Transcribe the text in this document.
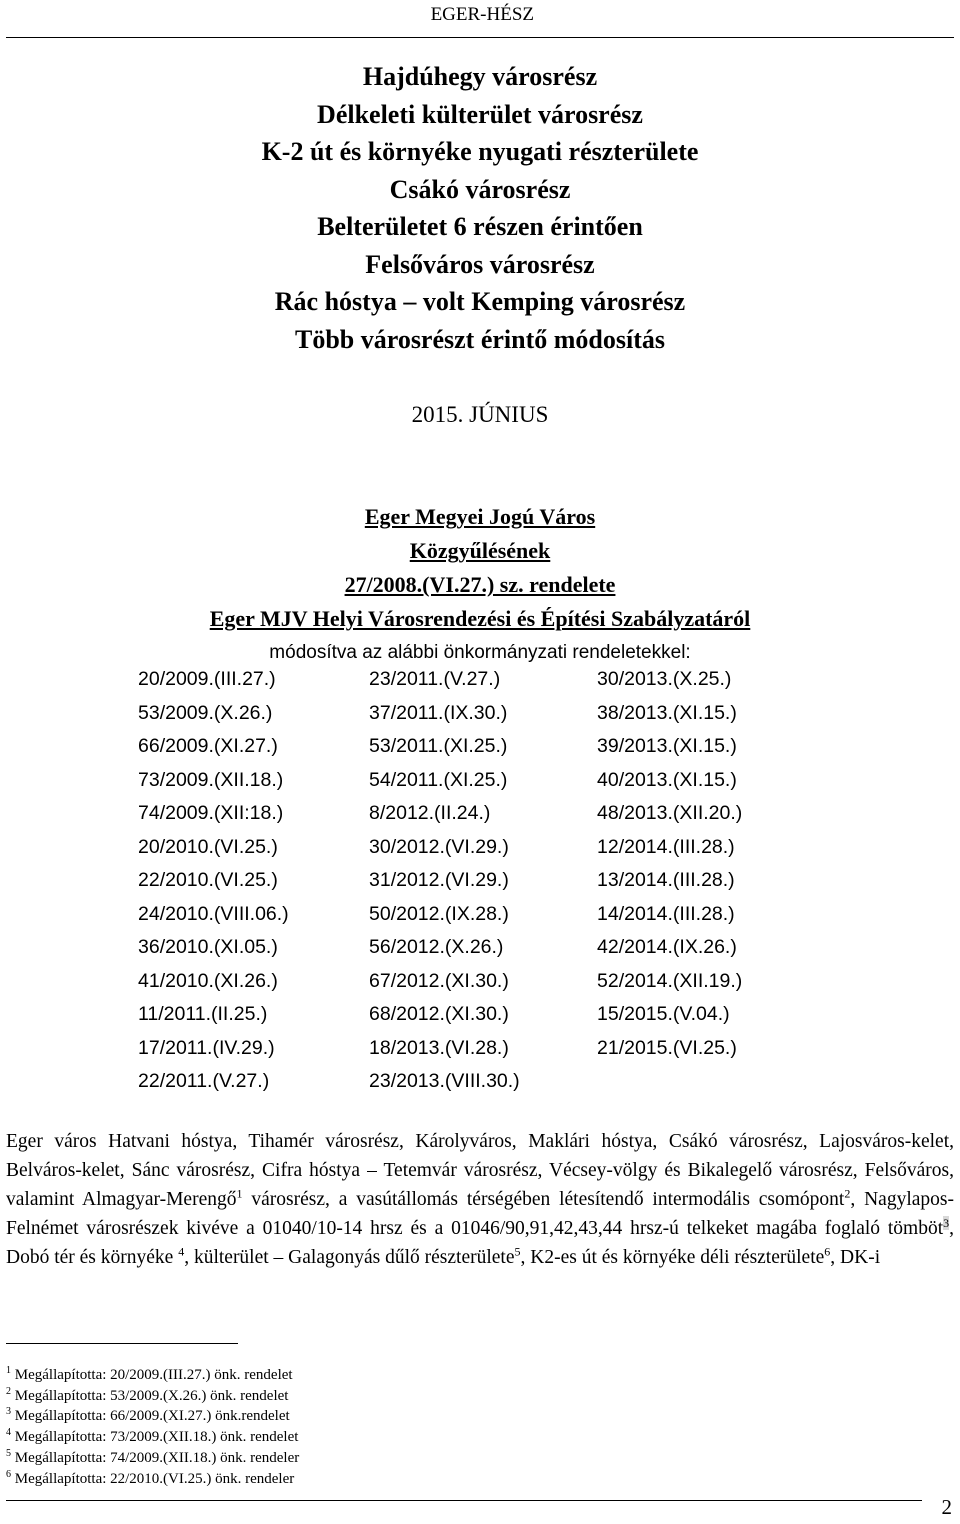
EGER-HÉSZ
Hajdúhegy városrész
Délkeleti külterület városrész
K-2 út és környéke nyugati részterülete
Csákó városrész
Belterületet 6 részen érintően
Felsőváros városrész
Rác hóstya – volt Kemping városrész
Több városrészt érintő módosítás
2015. JÚNIUS
Eger Megyei Jogú Város
Közgyűlésének
27/2008.(VI.27.) sz. rendelete
Eger MJV Helyi Városrendezési és Építési Szabályzatáról
módosítva az alábbi önkormányzati rendeletekkel:
20/2009.(III.27.)	23/2011.(V.27.)	30/2013.(X.25.)
53/2009.(X.26.)	37/2011.(IX.30.)	38/2013.(XI.15.)
66/2009.(XI.27.)	53/2011.(XI.25.)	39/2013.(XI.15.)
73/2009.(XII.18.)	54/2011.(XI.25.)	40/2013.(XI.15.)
74/2009.(XII:18.)	8/2012.(II.24.)	48/2013.(XII.20.)
20/2010.(VI.25.)	30/2012.(VI.29.)	12/2014.(III.28.)
22/2010.(VI.25.)	31/2012.(VI.29.)	13/2014.(III.28.)
24/2010.(VIII.06.)	50/2012.(IX.28.)	14/2014.(III.28.)
36/2010.(XI.05.)	56/2012.(X.26.)	42/2014.(IX.26.)
41/2010.(XI.26.)	67/2012.(XI.30.)	52/2014.(XII.19.)
11/2011.(II.25.)	68/2012.(XI.30.)	15/2015.(V.04.)
17/2011.(IV.29.)	18/2013.(VI.28.)	21/2015.(VI.25.)
22/2011.(V.27.)	23/2013.(VIII.30.)
Eger város Hatvani hóstya, Tihamér városrész, Károlyváros, Maklári hóstya, Csákó városrész, Lajosváros-kelet, Belváros-kelet, Sánc városrész, Cifra hóstya – Tetemvár városrész, Vécsey-völgy és Bikalegelő városrész, Felsőváros, valamint Almagyar-Merengő$^1$ városrész, a vasútállomás térségében létesítendő intermodális csomópont$^2$, Nagylapos-Felnémet városrészek kivéve a 01040/10-14 hrsz és a 01046/90,91,42,43,44 hrsz-ú telkeket magába foglaló tömböt$^3$, Dobó tér és környéke $^4$, külterület – Galagonyás dűlő részterülete$^5$, K2-es út és környéke déli részterülete$^6$, DK-i
$^1$ Megállapította: 20/2009.(III.27.) önk. rendelet
$^2$ Megállapította: 53/2009.(X.26.) önk. rendelet
$^3$ Megállapította: 66/2009.(XI.27.) önk.rendelet
$^4$ Megállapította: 73/2009.(XII.18.) önk. rendelet
$^5$ Megállapította: 74/2009.(XII.18.) önk. rendeler
$^6$ Megállapította: 22/2010.(VI.25.) önk. rendeler
2
